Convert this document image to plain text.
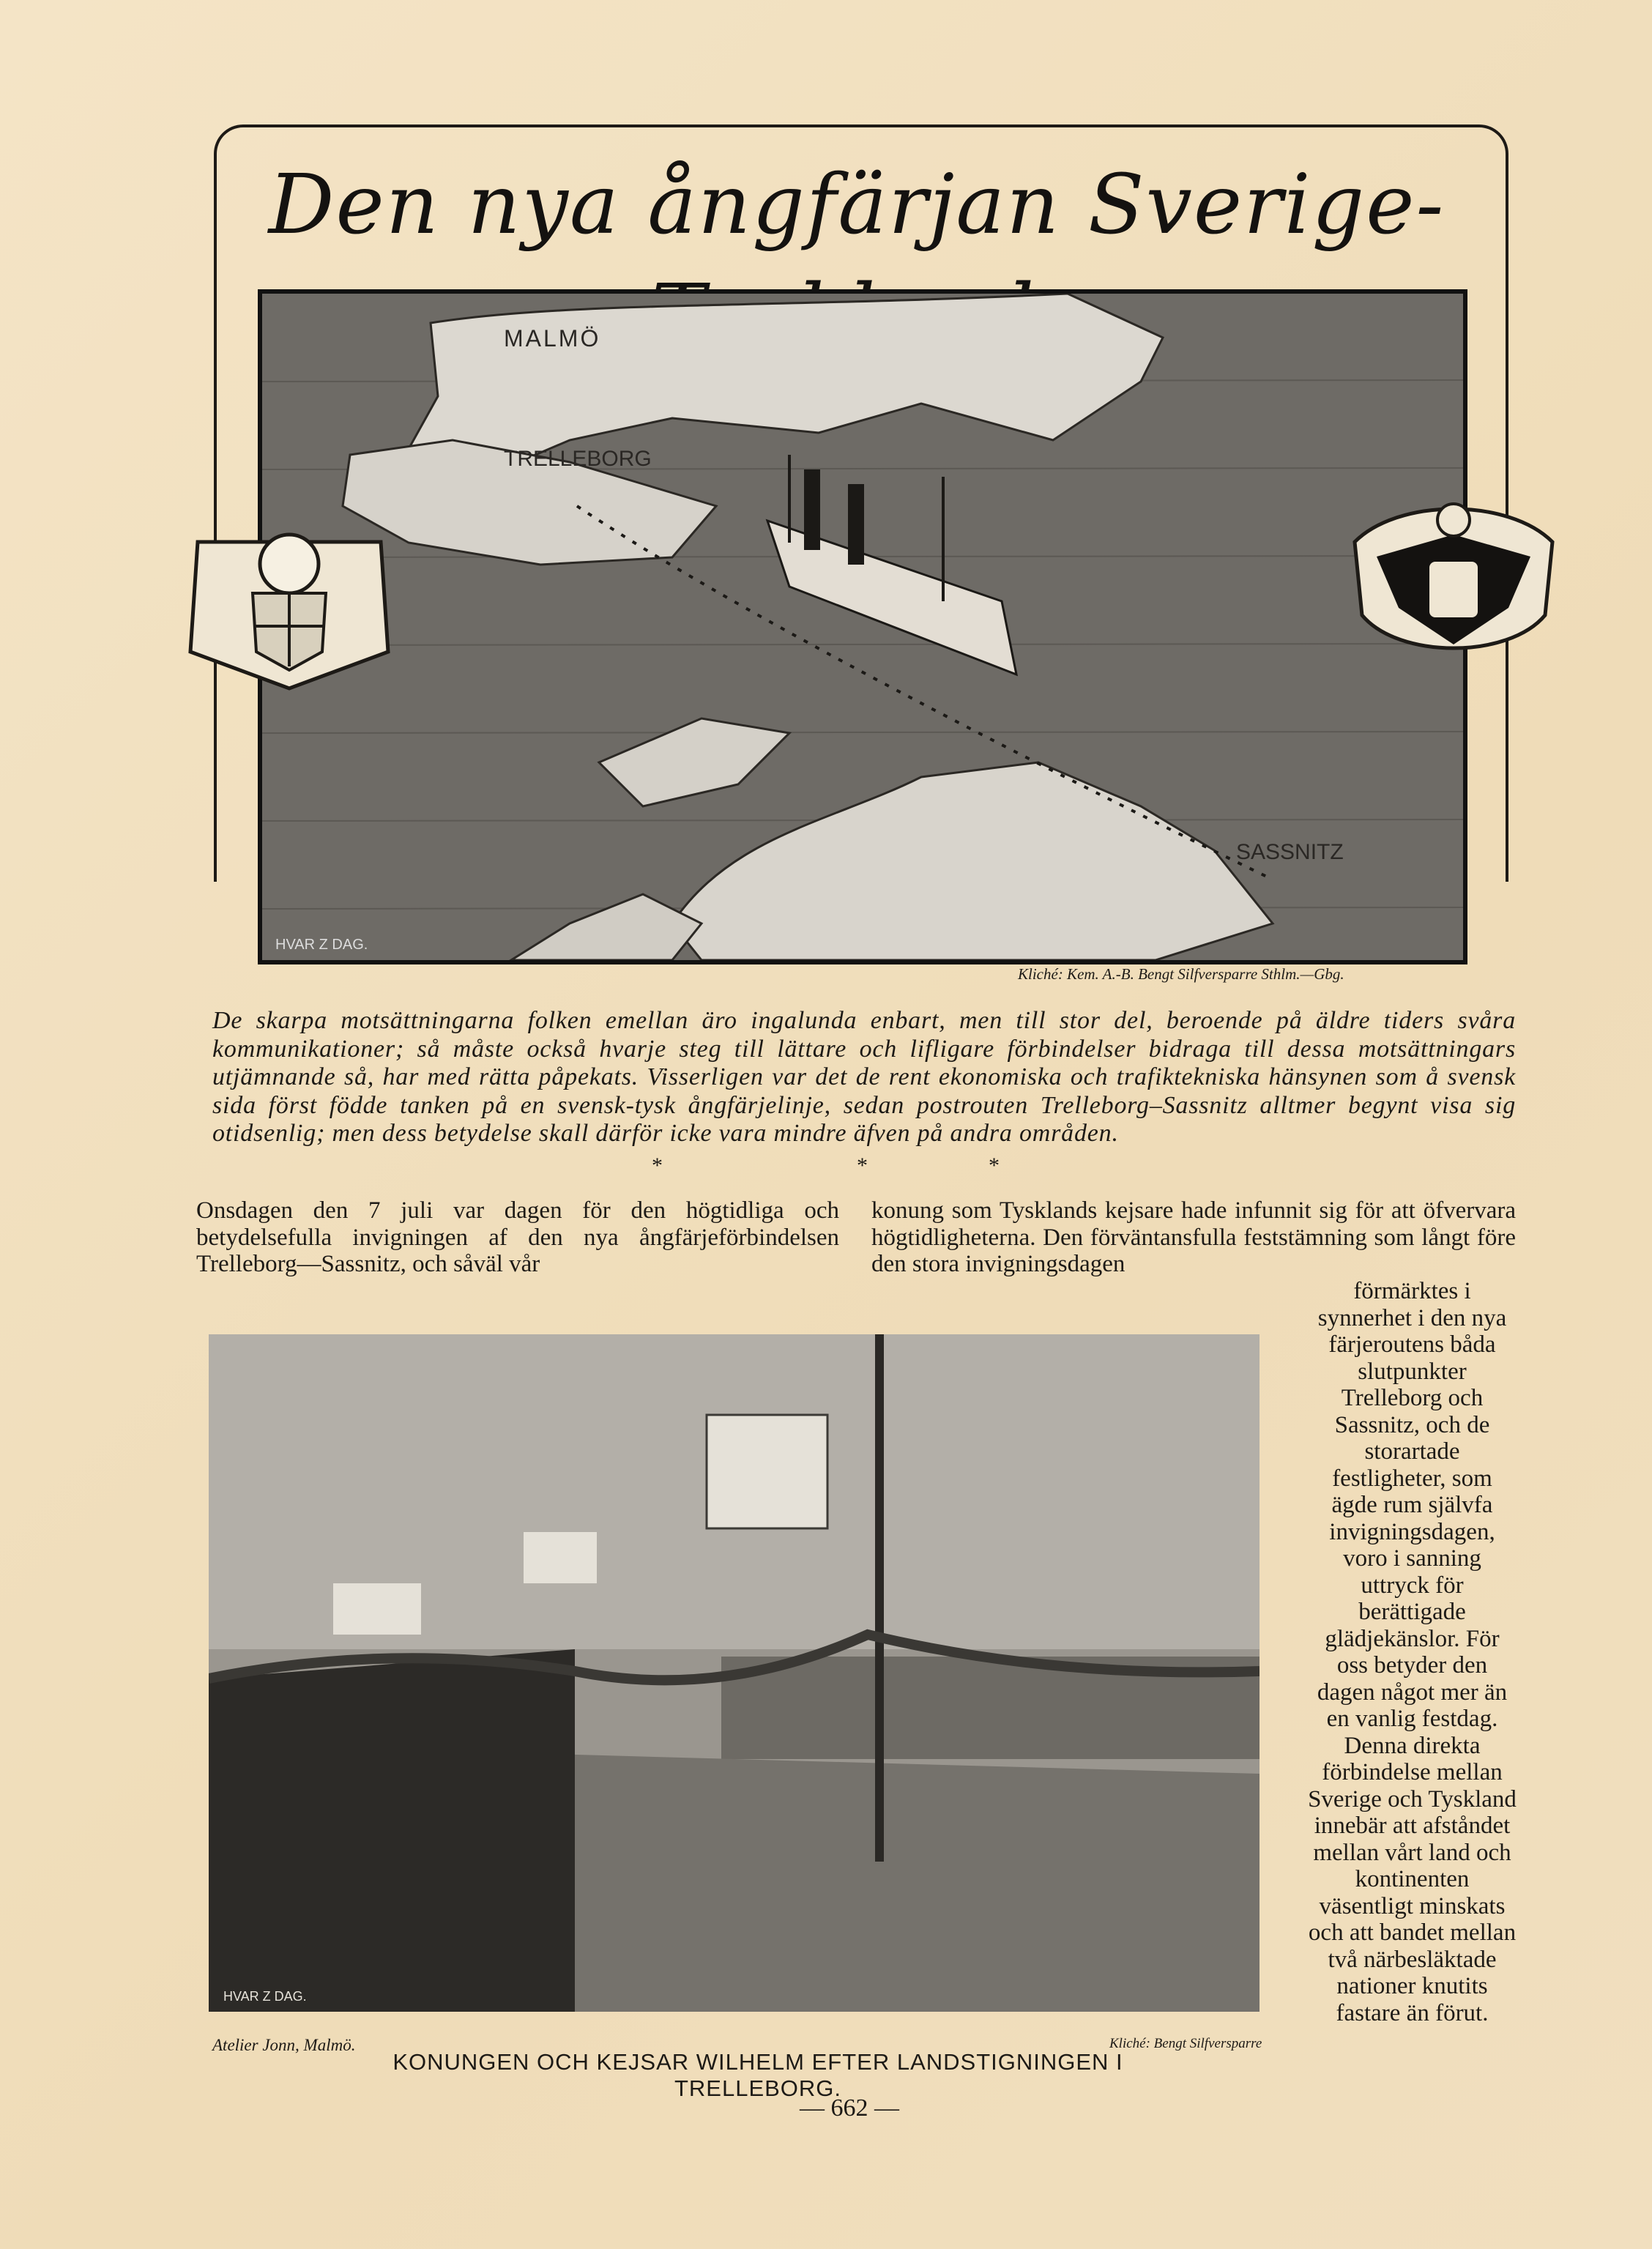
Den nya ångfärjan Sverige-
MALMÖ
TRELLEBORG
SASSNITZ
HVAR Z DAG.
Kliché: Kem. A.-B. Bengt Silfversparre Sthlm.—Gbg.
De skarpa motsättningarna folken emellan äro ingalunda enbart, men till stor del, beroende på äldre tiders svåra kommunikationer; så måste också hvarje steg till lättare och lifligare förbindelser bidraga till dessa motsättningars utjämnande så, har med rätta påpekats. Visserligen var det de rent ekonomiska och trafiktekniska hänsynen som å svensk sida först födde tanken på en svensk-tysk ångfärjelinje, sedan postrouten Trelleborg–Sassnitz alltmer begynt visa sig otidsenlig; men dess betydelse skall därför icke vara mindre äfven på andra områden.
*	*	*
Onsdagen den 7 juli var dagen för den högtidliga och betydelsefulla invigningen af den nya ångfärjeförbindelsen Trelleborg—Sassnitz, och såväl vår
konung som Tysklands kejsare hade infunnit sig för att öfvervara högtidligheterna. Den förväntansfulla feststämning som långt före den stora invigningsdagen
förmärktes i synnerhet i den nya färjeroutens båda slutpunkter Trelleborg och Sassnitz, och de storartade festligheter, som ägde rum självfa invigningsdagen, voro i sanning uttryck för berättigade glädjekänslor. För oss betyder den dagen något mer än en vanlig festdag. Denna direkta förbindelse mellan Sverige och Tyskland innebär att afståndet mellan vårt land och kontinenten väsentligt minskats och att bandet mellan två närbesläktade nationer knutits fastare än förut.
HVAR Z DAG.
Atelier Jonn, Malmö.	Kliché: Bengt Silfversparre
KONUNGEN OCH KEJSAR WILHELM EFTER LANDSTIGNINGEN I TRELLEBORG.
— 662 —
